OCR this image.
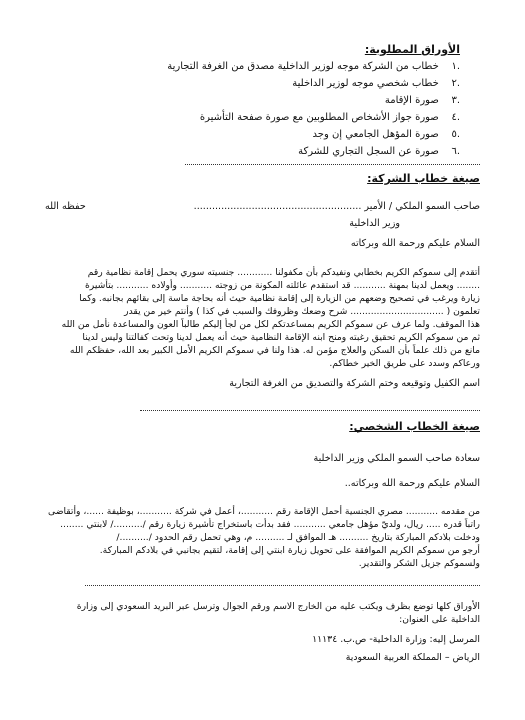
الأوراق المطلوبة:
.١ خطاب من الشركة موجه لوزير الداخلية مصدق من الغرفة التجارية
.٢ خطاب شخصي موجه لوزير الداخلية
.٣ صورة الإقامة
.٤ صورة جواز الأشخاص المطلوبين مع صورة صفحة التأشيرة
.٥ صورة المؤهل الجامعي إن وجد
.٦ صورة عن السجل التجاري للشركة
صيغة خطاب الشركة:
صاحب السمو الملكي / الأمير .......................................................
حفظه الله
وزير الداخلية
السلام عليكم ورحمة الله وبركاته
أتقدم إلى سموكم الكريم بخطابي ونفيدكم بأن مكفولنا ............ جنسيته سوري يحمل إقامة نظامية رقم
........ ويعمل لدينا بمهنة ........... قد استقدم عائلته المكونة من زوجته ........... وأولاده ........... بتأشيرة
زيارة ويرغب في تصحيح وضعهم من الزيارة إلى إقامة نظامية حيث أنه بحاجة ماسة إلى بقائهم بجانبه. وكما
تعلمون ( ................................ شرح وضعك وظروفك والسبب في كذا ) وأنتم خير من يقدر
هذا الموقف. ولما عرف عن سموكم الكريم بمساعدتكم لكل من لجأ إليكم طالباً العون والمساعدة نأمل من الله
ثم من سموكم الكريم تحقيق رغبته ومنح ابنه الإقامة النظامية حيث أنه يعمل لدينا وتحت كفالتنا وليس لدينا
مانع من ذلك علماً بأن السكن والعلاج مؤمن له. هذا ولنا في سموكم الكريم الأمل الكبير بعد الله، حفظكم الله
ورعاكم وسدد على طريق الخير خطاكم.
اسم الكفيل وتوقيعه وختم الشركة والتصديق من الغرفة التجارية
صيغة الخطاب الشخصي:
سعادة صاحب السمو الملكي وزير الداخلية
السلام عليكم ورحمة الله وبركاته..
من مقدمه ........... مصري الجنسية أحمل الإقامة رقم ...........، أعمل في شركة ...........، بوظيفة ......، وأتقاضى
راتباً قدره ..... ريال، ولديّ مؤهل جامعي ........... فقد بدأت باستخراج تأشيرة زيارة رقم /........../ لابنتي ........
ودخلت بلادكم المباركة بتاريخ .......... هـ الموافق لـ .......... م، وهي تحمل رقم الحدود /........../
أرجو من سموكم الكريم الموافقة على تحويل زيارة ابنتي إلى إقامة، لتقيم بجانبي في بلادكم المباركة.
ولسموكم جزيل الشكر والتقدير.
الأوراق كلها توضع بظرف ويكتب عليه من الخارج الاسم ورقم الجوال وترسل عبر البريد السعودي إلى وزارة
الداخلية على العنوان:
المرسل إليه: وزارة الداخلية- ص.ب. ١١١٣٤
الرياض – المملكة العربية السعودية
